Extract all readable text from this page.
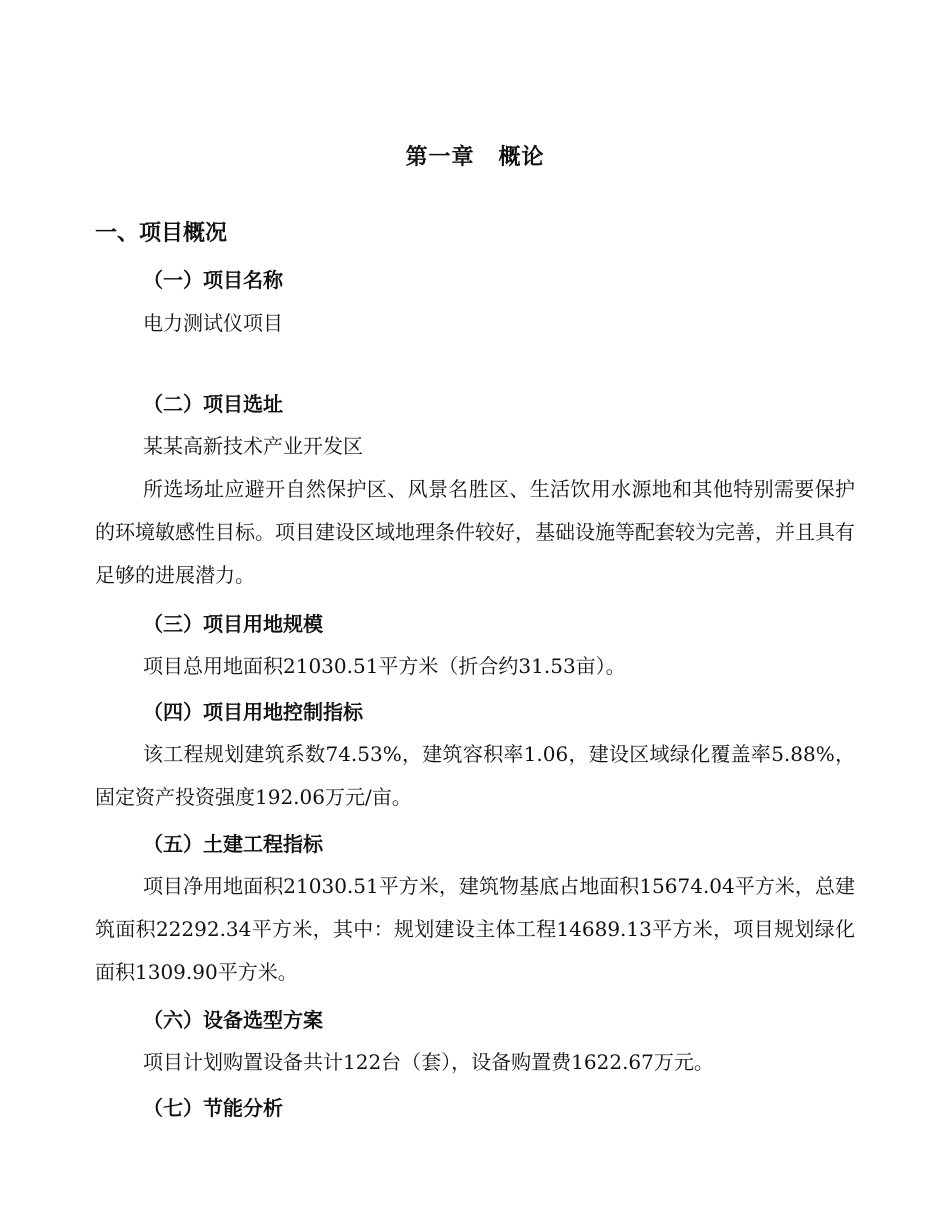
第一章 概论
一、项目概况
（一）项目名称

电力测试仪项目

（二）项目选址

某某高新技术产业开发区

所选场址应避开自然保护区、风景名胜区、生活饮用水源地和其他特别需要保护的环境敏感性目标。项目建设区域地理条件较好，基础设施等配套较为完善，并且具有足够的进展潜力。

（三）项目用地规模

项目总用地面积21030.51平方米（折合约31.53亩）。

（四）项目用地控制指标

该工程规划建筑系数74.53%，建筑容积率1.06，建设区域绿化覆盖率5.88%，固定资产投资强度192.06万元/亩。

（五）土建工程指标

项目净用地面积21030.51平方米，建筑物基底占地面积15674.04平方米，总建筑面积22292.34平方米，其中：规划建设主体工程14689.13平方米，项目规划绿化面积1309.90平方米。

（六）设备选型方案

项目计划购置设备共计122台（套），设备购置费1622.67万元。

（七）节能分析
